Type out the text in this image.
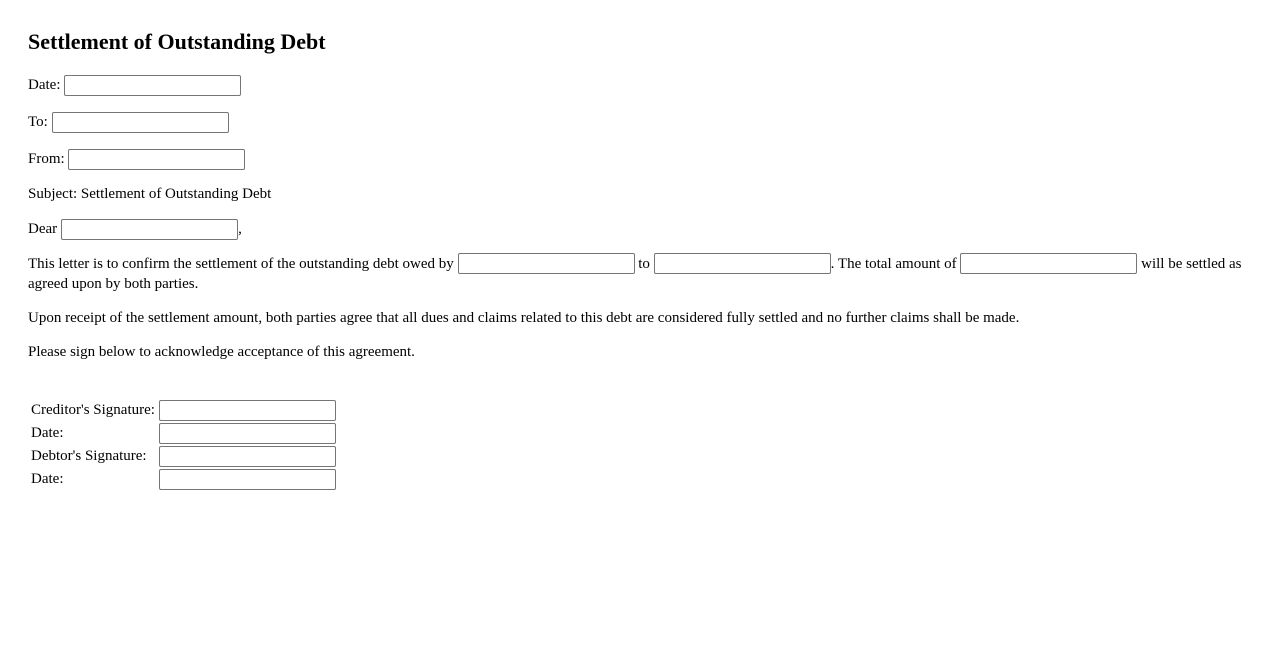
Settlement of Outstanding Debt
Date:
To:
From:
Subject: Settlement of Outstanding Debt
Dear	,

This letter is to confirm the settlement of the outstanding debt owed by	to	. The total amount of	will be settled as agreed upon by both parties.

Upon receipt of the settlement amount, both parties agree that all dues and claims related to this debt are considered fully settled and no further claims shall be made.

Please sign below to acknowledge acceptance of this agreement.

Creditor's Signature:	
Date:	
Debtor's Signature:	
Date:	
